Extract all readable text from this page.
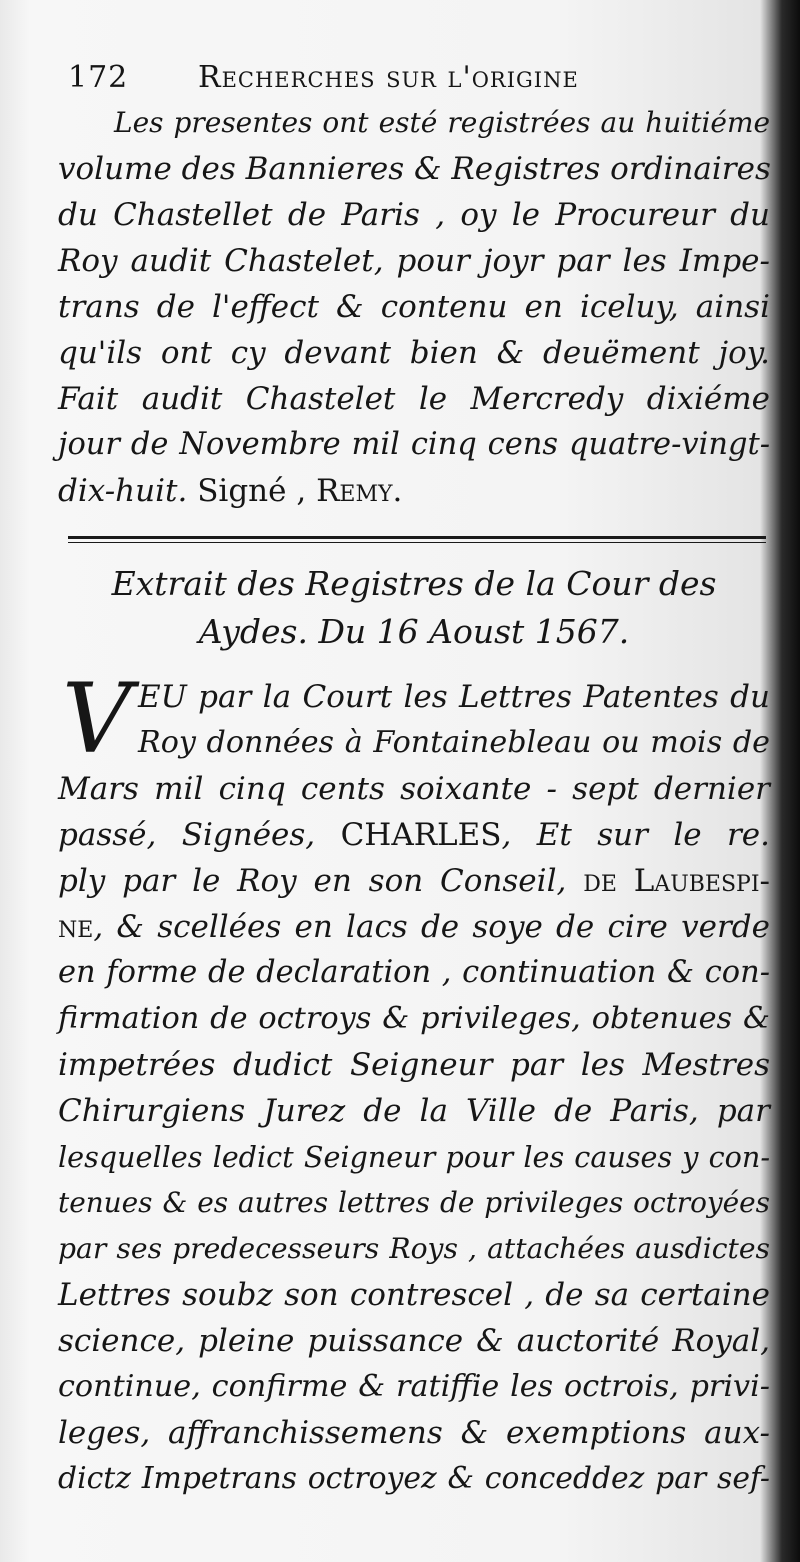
172 Recherches sur l'origine
Les presentes ont esté registrées au huitiéme
volume des Bannieres & Registres ordinaires
du Chastellet de Paris , oy le Procureur du
Roy audit Chastelet, pour joyr par les Impe-
trans de l'effect & contenu en iceluy, ainsi
qu'ils ont cy devant bien & deuëment joy.
Fait audit Chastelet le Mercredy dixiéme
jour de Novembre mil cinq cens quatre-vingt-
dix-huit. Signé , Remy.
Extrait des Registres de la Cour des
Aydes. Du 16 Aoust 1567.
V EU par la Court les Lettres Patentes du
Roy données à Fontainebleau ou mois de
Mars mil cinq cents soixante - sept dernier
passé, Signées, CHARLES, Et sur le re.
ply par le Roy en son Conseil, de Laubespi-
ne, & scellées en lacs de soye de cire verde
en forme de declaration , continuation & con-
firmation de octroys & privileges, obtenues &
impetrées dudict Seigneur par les Mestres
Chirurgiens Jurez de la Ville de Paris, par
lesquelles ledict Seigneur pour les causes y con-
tenues & es autres lettres de privileges octroyées
par ses predecesseurs Roys , attachées ausdictes
Lettres soubz son contrescel , de sa certaine
science, pleine puissance & auctorité Royal,
continue, confirme & ratiffie les octrois, privi-
leges, affranchissemens & exemptions aux-
dictz Impetrans octroyez & conceddez par sef-
